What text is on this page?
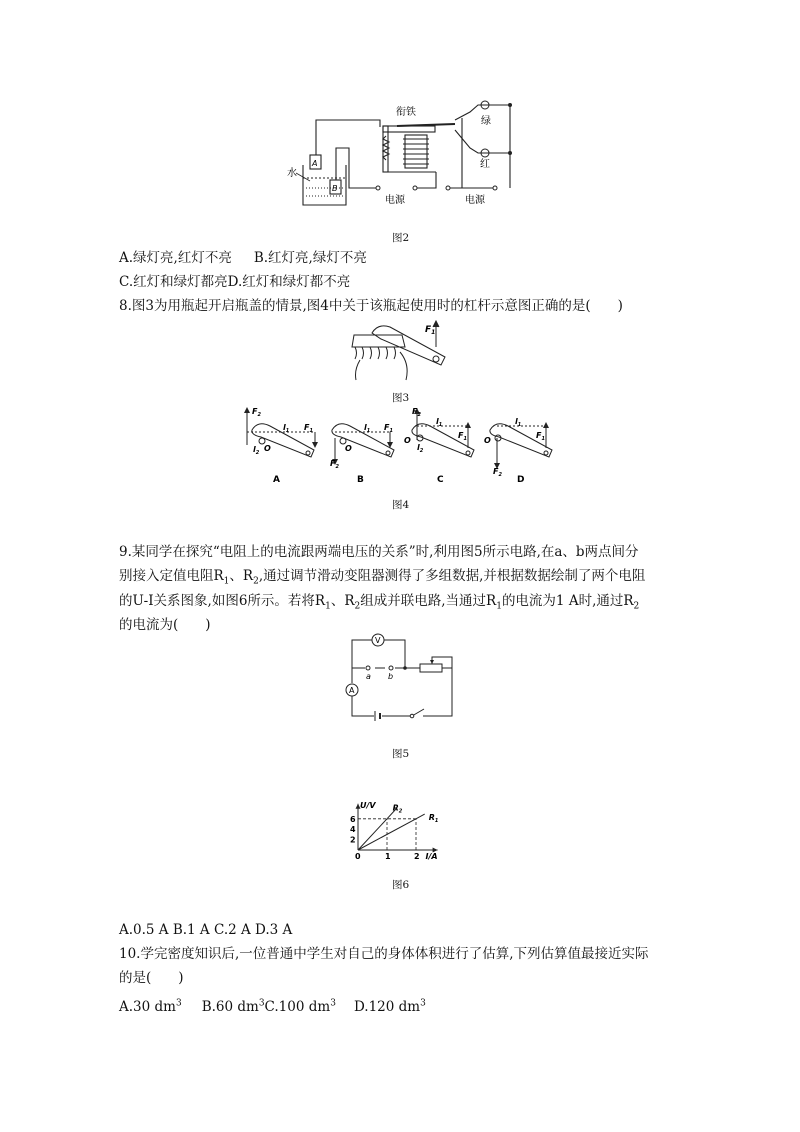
衔铁
水
A
B
绿
红
电源	电源
图2
A.绿灯亮,红灯不亮 B.红灯亮,绿灯不亮
C.红灯和绿灯都亮D.红灯和绿灯都不亮
8.图3为用瓶起开启瓶盖的情景,图4中关于该瓶起使用时的杠杆示意图正确的是(　　)
$F_1$
图3
$F_2$
$F_1$
$l_1$
$l_2$ O
$F_2$
$F_1$
$l_1$
O
$F_2$
$F_1$
$l_1$
$l_2$
O
$F_2$
$F_1$
$l_1$
O
A	B	C	D
图4
9.某同学在探究“电阻上的电流跟两端电压的关系”时,利用图5所示电路,在a、b两点间分
别接入定值电阻$R_1$、$R_2$,通过调节滑动变阻器测得了多组数据,并根据数据绘制了两个电阻
的U-I关系图象,如图6所示。若将$R_1$、$R_2$组成并联电路,当通过$R_1$的电流为1 A时,通过$R_2$
的电流为(　　)
V
A
a b
图5
$R_2$
$R_1$
1	2
2
4
6
0
U/V
I/A
图6
A.0.5 A B.1 A C.2 A D.3 A
10.学完密度知识后,一位普通中学生对自己的身体体积进行了估算,下列估算值最接近实际
的是(　　)
A.30 $dm^3$ B.60 $dm^3C.100$ $dm^3$ D.120 $dm^3$
